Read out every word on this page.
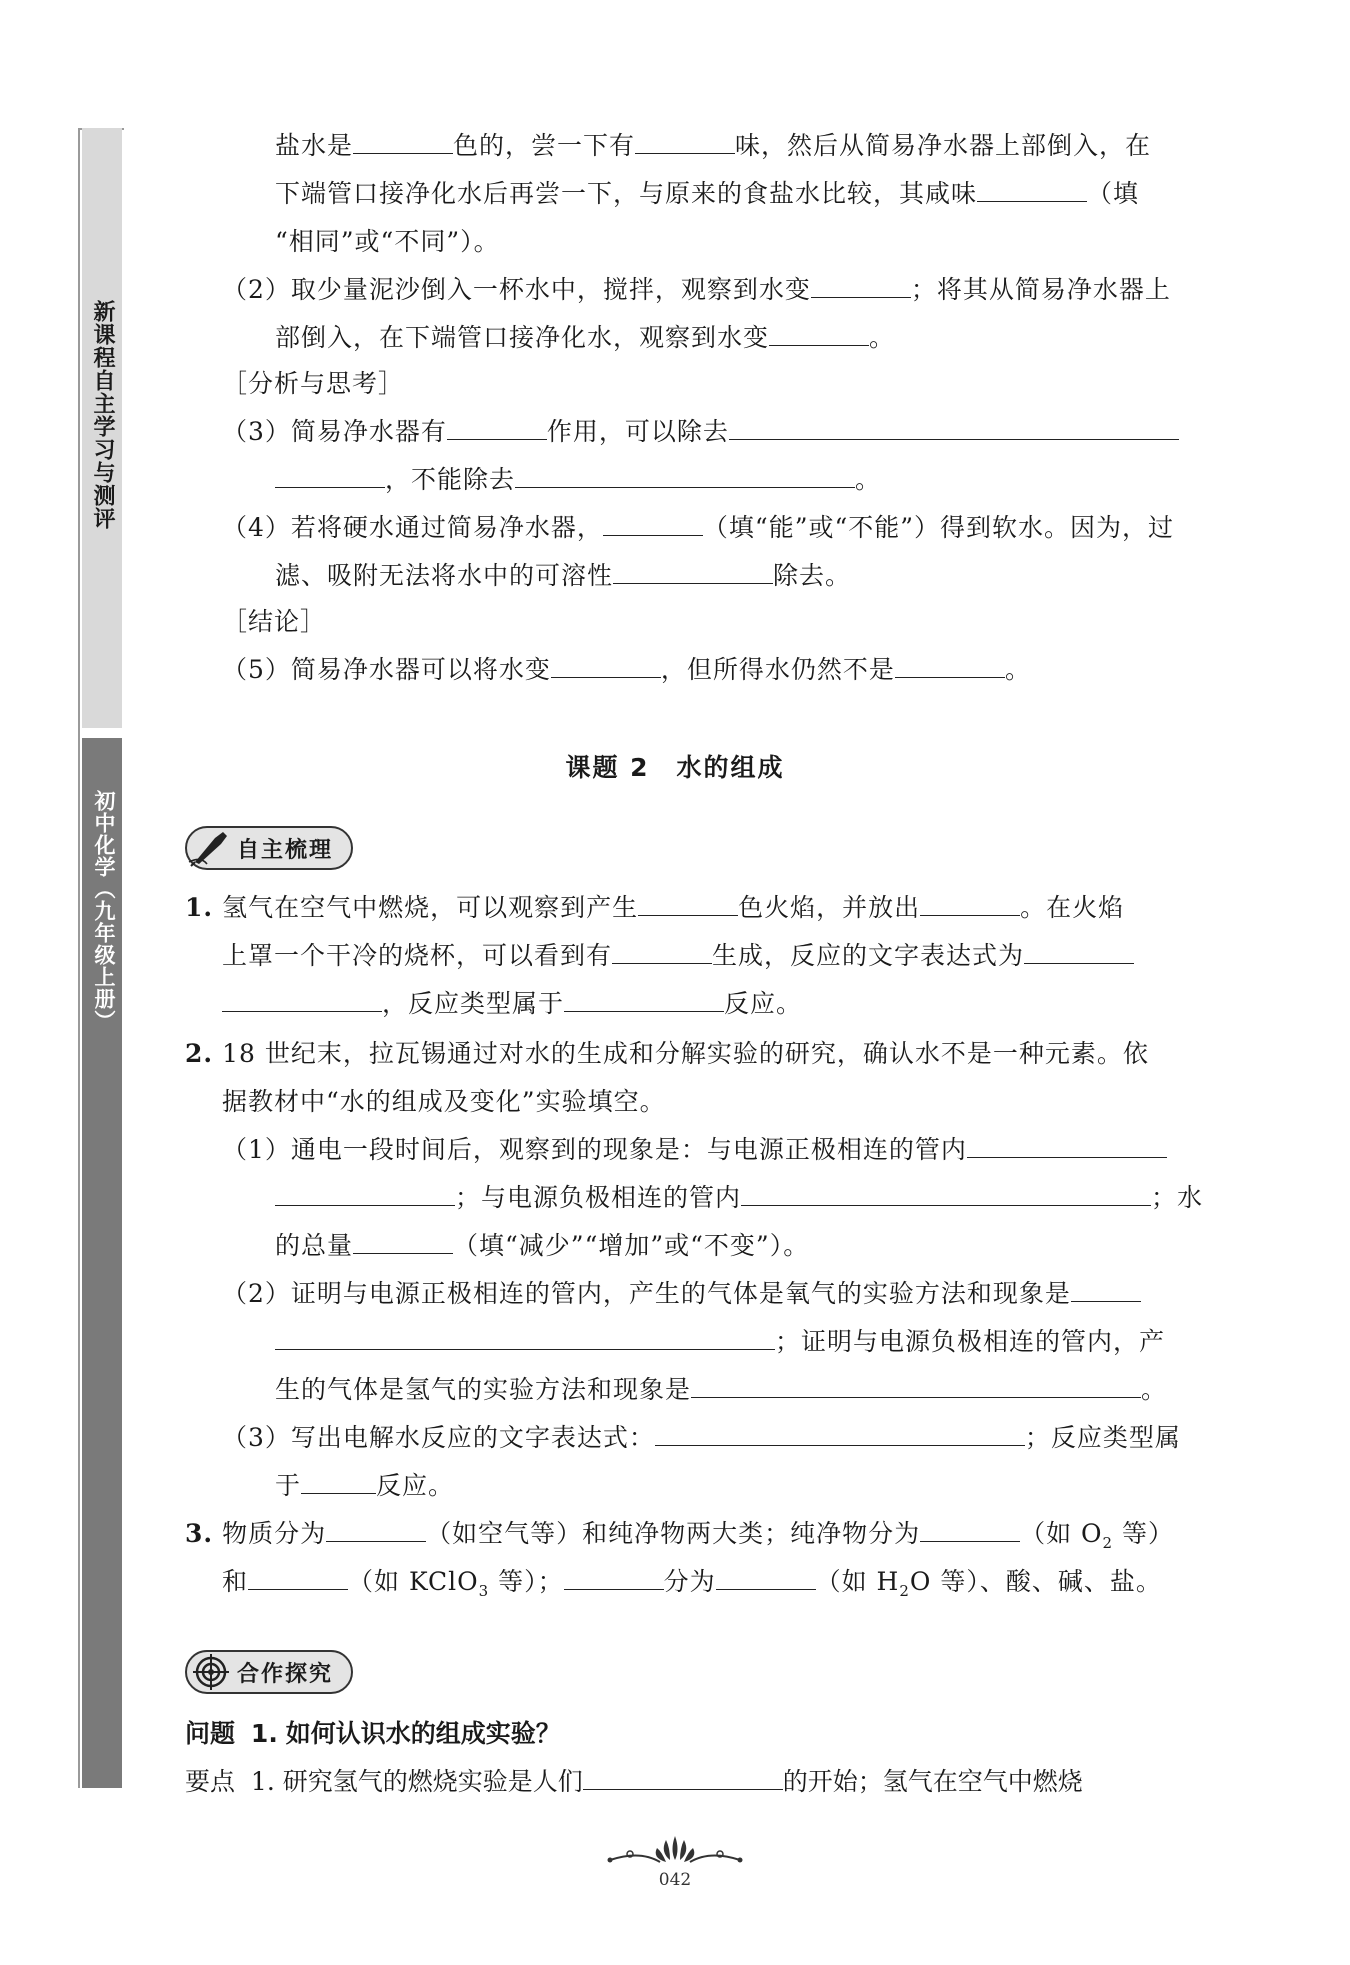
新课程自主学习与测评
初中化学（九年级上册）
盐水是	色的，尝一下有	味，然后从简易净水器上部倒入，在
下端管口接净化水后再尝一下，与原来的食盐水比较，其咸味	（填
“相同”或“不同”）。
（2）取少量泥沙倒入一杯水中，搅拌，观察到水变	；将其从简易净水器上
部倒入，在下端管口接净化水，观察到水变	。
［分析与思考］
（3）简易净水器有	作用，可以除去
，不能除去	。
（4）若将硬水通过简易净水器，	（填“能”或“不能”）得到软水。因为，过
滤、吸附无法将水中的可溶性	除去。
［结论］
（5）简易净水器可以将水变	，但所得水仍然不是	。
课题 2　水的组成
自主梳理
1. 氢气在空气中燃烧，可以观察到产生	色火焰，并放出	。在火焰
上罩一个干冷的烧杯，可以看到有	生成，反应的文字表达式为
，反应类型属于	反应。
2. 18 世纪末，拉瓦锡通过对水的生成和分解实验的研究，确认水不是一种元素。依
据教材中“水的组成及变化”实验填空。
（1）通电一段时间后，观察到的现象是：与电源正极相连的管内
；与电源负极相连的管内	；水
的总量	（填“减少”“增加”或“不变”）。
（2）证明与电源正极相连的管内，产生的气体是氧气的实验方法和现象是
；证明与电源负极相连的管内，产
生的气体是氢气的实验方法和现象是	。
（3）写出电解水反应的文字表达式：	；反应类型属
于	反应。
3. 物质分为	（如空气等）和纯净物两大类；纯净物分为	（如 $O_2$ 等）
和	（如 KClO$_3$ 等）；	分为	（如 $H_2O$ 等）、酸、碱、盐。
合作探究
问题 1. 如何认识水的组成实验？
要点 1. 研究氢气的燃烧实验是人们	的开始；氢气在空气中燃烧
042
